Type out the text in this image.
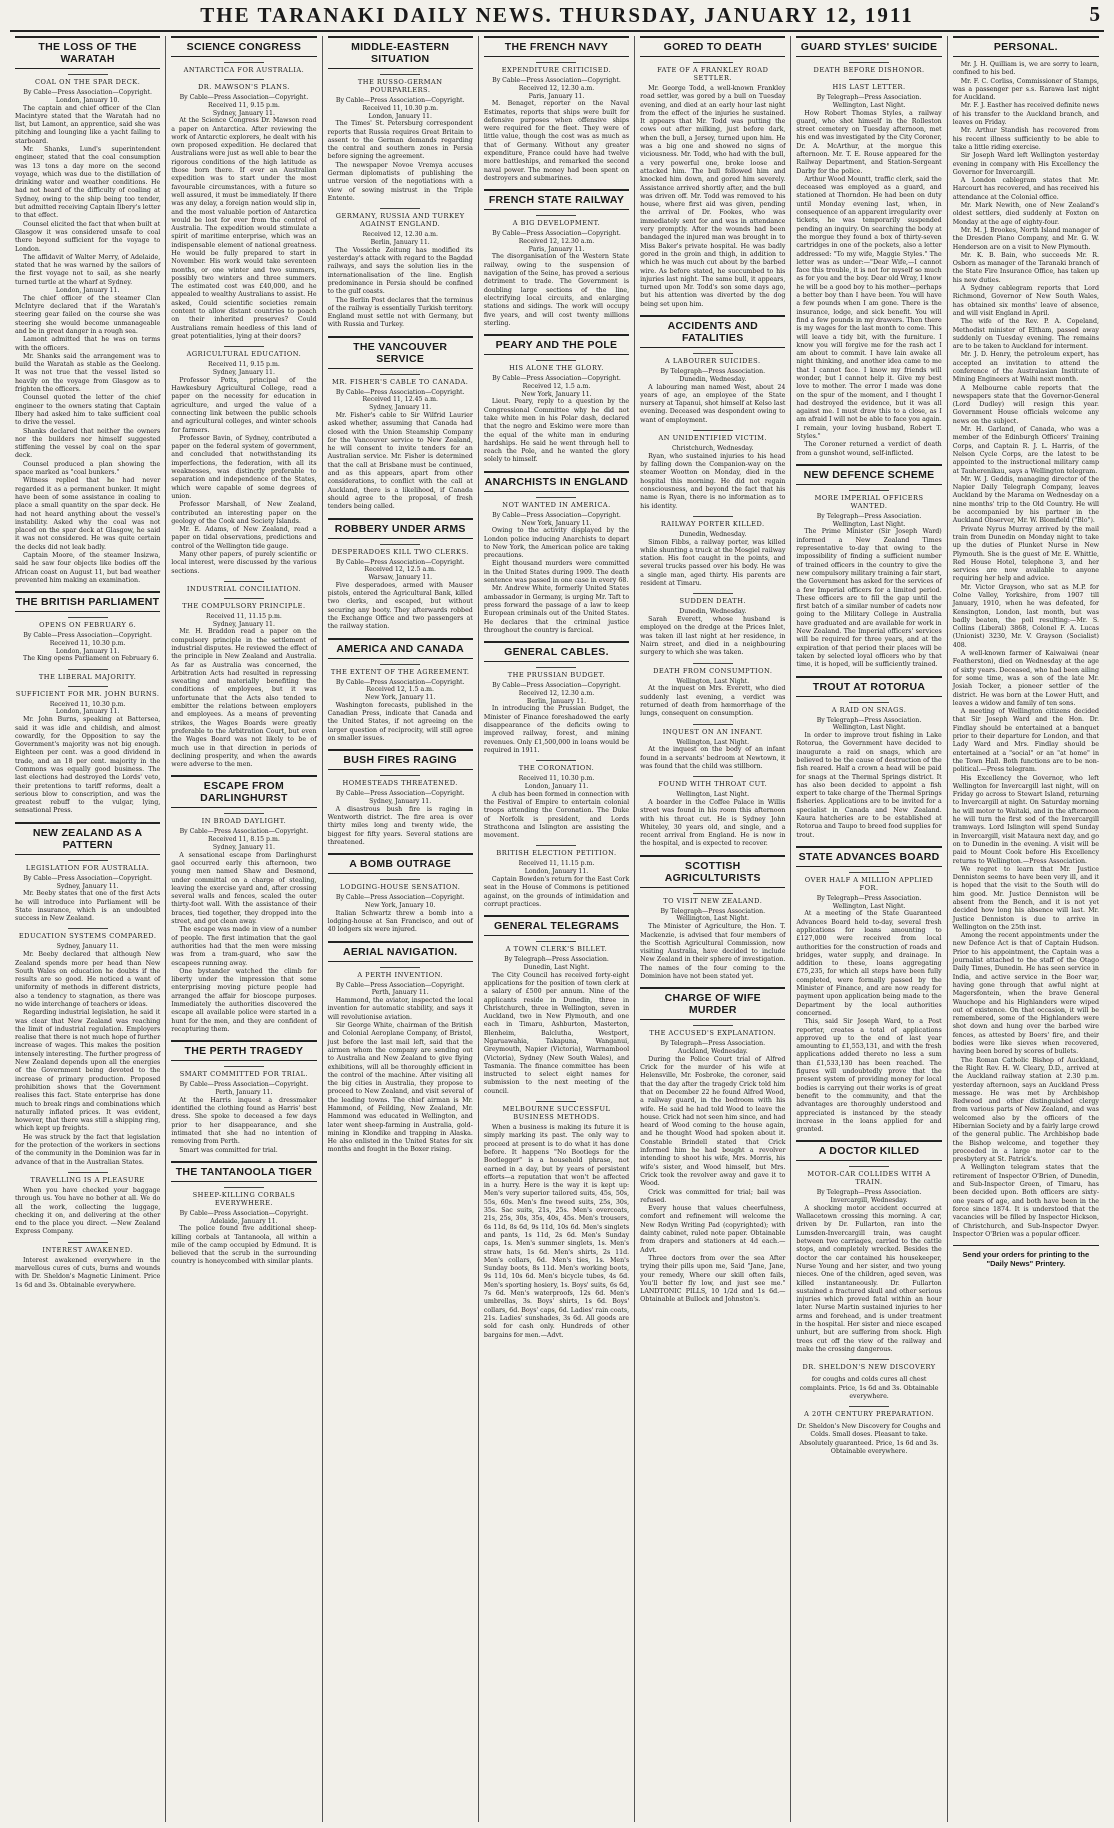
THE TARANAKI DAILY NEWS. THURSDAY, JANUARY 12, 1911	5
THE LOSS OF THE WARATAH
COAL ON THE SPAR DECK.
By Cable—Press Association—Copyright.
London, January 10.

The captain and chief officer of the Clan Macintyre stated that the Waratah had no list, but Lamont, an apprentice, said she was pitching and lounging like a yacht failing to starboard.

Mr. Shanks, Lund's superintendent engineer, stated that the coal consumption was 13 tons a day more on the second voyage, which was due to the distillation of drinking water and weather conditions. He had not heard of the difficulty of coaling at Sydney, owing to the ship being too tender, but admitted receiving Captain Ilbery's letter to that effect.

Counsel elicited the fact that when built at Glasgow it was considered unsafe to coal there beyond sufficient for the voyage to London.

The affidavit of Walter Merry, of Adelaide, stated that he was warned by the sailors of the first voyage not to sail, as she nearly turned turtle at the wharf at Sydney.

London, January 11.

The chief officer of the steamer Clan McIntyre declared that if the Waratah's steering gear failed on the course she was steering she would become unmanageable and be in great danger in a rough sea.

Lamont admitted that he was on terms with the officers.

Mr. Shanks said the arrangement was to build the Waratah as stable as the Geelong. It was not true that the vessel listed so heavily on the voyage from Glasgow as to frighten the officers.

Counsel quoted the letter of the chief engineer to the owners stating that Captain Ilbery had asked him to take sufficient coal to drive the vessel.

Shanks declared that neither the owners nor the builders nor himself suggested stiffening the vessel by coal on the spar deck.

Counsel produced a plan showing the space marked as "coal bunkers."

Witness replied that he had never regarded it as a permanent bunker. It might have been of some assistance in coaling to place a small quantity on the spar deck. He had not heard anything about the vessel's instability. Asked why the coal was not placed on the spar deck at Glasgow, he said it was not considered. He was quite certain the decks did not leak badly.

Captain Moore, of the steamer Insizwa, said he saw four objects like bodies off the African coast on August 11, but bad weather prevented him making an examination.

THE BRITISH PARLIAMENT
OPENS ON FEBRUARY 6.
By Cable—Press Association—Copyright.
Received 11, 10.30 p.m.
London, January 11.

The King opens Parliament on February 6.

THE LIBERAL MAJORITY.
SUFFICIENT FOR MR. JOHN BURNS.
Received 11, 10.30 p.m.
London, January 11.

Mr. John Burns, speaking at Battersea, said it was idle and childish, and almost cowardly, for the Opposition to say the Government's majority was not big enough. Eighteen per cent. was a good dividend in trade, and an 18 per cent. majority in the Commons was equally good business. The last elections had destroyed the Lords' veto, their pretentions to tariff reforms, dealt a serious blow to conscription, and was the greatest rebuff to the vulgar, lying, sensational Press.

NEW ZEALAND AS A PATTERN
LEGISLATION FOR AUSTRALIA.
By Cable—Press Association—Copyright.
Sydney, January 11.

Mr. Beeby states that one of the first Acts he will introduce into Parliament will be State insurance, which is an undoubted success in New Zealand.

EDUCATION SYSTEMS COMPARED.
Sydney, January 11.

Mr. Beeby declared that although New Zealand spends more per head than New South Wales on education he doubts if the results are so good. He noticed a want of uniformity of methods in different districts, also a tendency to stagnation, as there was no wide interchange of teachers or ideas.

Regarding industrial legislation, he said it was clear that New Zealand was reaching the limit of industrial regulation. Employers realise that there is not much hope of further increase of wages. This makes the position intensely interesting. The further progress of New Zealand depends upon all the energies of the Government being devoted to the increase of primary production. Proposed prohibition shows that the Government realises this fact. State enterprise has done much to break rings and combinations which naturally inflated prices. It was evident, however, that there was still a shipping ring, which kept up freights.

He was struck by the fact that legislation for the protection of the workers in sections of the community in the Dominion was far in advance of that in the Australian States.

TRAVELLING IS A PLEASURE

When you have checked your baggage through us. You have no bother at all. We do all the work, collecting the luggage, checking it on, and delivering at the other end to the place you direct. —New Zealand Express Company.

INTEREST AWAKENED.

Interest awakened everywhere in the marvellous cures of cuts, burns and wounds with Dr. Sheldon's Magnetic Liniment. Price 1s 6d and 3s. Obtainable everywhere.

SCIENCE CONGRESS
ANTARCTICA FOR AUSTRALIA.
DR. MAWSON'S PLANS.
By Cable—Press Association—Copyright.
Received 11, 9.15 p.m.
Sydney, January 11.

At the Science Congress Dr. Mawson read a paper on Antarctica. After reviewing the work of Antarctic explorers, he dealt with his own proposed expedition. He declared that Australians were just as well able to bear the rigorous conditions of the high latitude as those born there. If ever an Australian expedition was to start under the most favourable circumstances, with a future so well assured, it must be immediately. If there was any delay, a foreign nation would slip in, and the most valuable portion of Antarctica would be lost for ever from the control of Australia. The expedition would stimulate a spirit of maritime enterprise, which was an indispensable element of national greatness. He would be fully prepared to start in November. His work would take seventeen months, or one winter and two summers, possibly two winters and three summers. The estimated cost was £40,000, and he appealed to wealthy Australians to assist. He asked, Could scientific societies remain content to allow distant countries to poach on their inherited preserves? Could Australians remain heedless of this land of great potentialities, lying at their doors?

AGRICULTURAL EDUCATION.
Received 11, 9.15 p.m.
Sydney, January 11.

Professor Potts, principal of the Hawkesbury Agricultural College, read a paper on the necessity for education in agriculture, and urged the value of a connecting link between the public schools and agricultural colleges, and winter schools for farmers.

Professor Bavin, of Sydney, contributed a paper on the federal system of government, and concluded that notwithstanding its imperfections, the federation, with all its weaknesses, was distinctly preferable to separation and independence of the States, which were capable of some degrees of union.

Professor Marshall, of New Zealand, contributed an interesting paper on the geology of the Cook and Society Islands.

Mr. E. Adams, of New Zealand, read a paper on tidal observations, predictions and control of the Wellington tide gauge.

Many other papers, of purely scientific or local interest, were discussed by the various sections.

INDUSTRIAL CONCILIATION.
THE COMPULSORY PRINCIPLE.
Received 11, 11.15 p.m.
Sydney, January 11.

Mr. H. Braddon read a paper on the compulsory principle in the settlement of industrial disputes. He reviewed the effect of the principle in New Zealand and Australia. As far as Australia was concerned, the Arbitration Acts had resulted in repressing sweating and materially benefiting the conditions of employees, but it was unfortunate that the Acts also tended to embitter the relations between employers and employees. As a means of preventing strikes, the Wages Boards were greatly preferable to the Arbitration Court, but even the Wages Board was not likely to be of much use in that direction in periods of declining prosperity, and when the awards were adverse to the men.

ESCAPE FROM DARLINGHURST
IN BROAD DAYLIGHT.
By Cable—Press Association—Copyright.
Received 11, 8.15 p.m.
Sydney, January 11.

A sensational escape from Darlinghurst gaol occurred early this afternoon, two young men named Shaw and Desmond, under committal on a charge of stealing, leaving the exercise yard and, after crossing several walls and fences, scaled the outer thirty-foot wall. With the assistance of their braces, tied together, they dropped into the street, and got clean away.

The escape was made in view of a number of people. The first intimation that the gaol authorities had that the men were missing was from a tram-guard, who saw the escapees running away.

One bystander watched the climb for liberty under the impression that some enterprising moving picture people had arranged the affair for bioscope purposes. Immediately the authorities discovered the escape all available police were started in a hunt for the men, and they are confident of recapturing them.

THE PERTH TRAGEDY
SMART COMMITTED FOR TRIAL.
By Cable—Press Association—Copyright.
Perth, January 11.

At the Harris inquest a dressmaker identified the clothing found as Harris' best dress. She spoke to deceased a few days prior to her disappearance, and she intimated that she had no intention of removing from Perth.

Smart was committed for trial.

THE TANTANOOLA TIGER
SHEEP-KILLING CORBALS EVERYWHERE.
By Cable—Press Association—Copyright.
Adelaide, January 11.

The police found five additional sheep-killing corbals at Tantanoola, all within a mile of the camp occupied by Edmund. It is believed that the scrub in the surrounding country is honeycombed with similar plants.

MIDDLE-EASTERN SITUATION
THE RUSSO-GERMAN POURPARLERS.
By Cable—Press Association—Copyright.
Received 11, 10.30 p.m.
London, January 11.

The Times' St. Petersburg correspondent reports that Russia requires Great Britain to assent to the German demands regarding the central and southern zones in Persia before signing the agreement.

The newspaper Novoe Vremya accuses German diplomatists of publishing the untrue version of the negotiations with a view of sowing mistrust in the Triple Entente.

GERMANY, RUSSIA AND TURKEY AGAINST ENGLAND.
Received 12, 12.30 a.m.
Berlin, January 11.

The Vossiche Zeitung has modified its yesterday's attack with regard to the Bagdad railways, and says the solution lies in the internationalisation of the line. English predominance in Persia should be confined to the gulf coasts.

The Berlin Post declares that the terminus of the railway is essentially Turkish territory. England must settle not with Germany, but with Russia and Turkey.

THE VANCOUVER SERVICE
MR. FISHER'S CABLE TO CANADA.
By Cable—Press Association—Copyright.
Received 11, 12.45 a.m.
Sydney, January 11.

Mr. Fisher's cable to Sir Wilfrid Laurier asked whether, assuming that Canada had closed with the Union Steamship Company for the Vancouver service to New Zealand, he will consent to invite tenders for an Australian service. Mr. Fisher is determined that the call at Brisbane must be continued, and as this appears, apart from other considerations, to conflict with the call at Auckland, there is a likelihood, if Canada should agree to the proposal, of fresh tenders being called.

ROBBERY UNDER ARMS
DESPERADOES KILL TWO CLERKS.
By Cable—Press Association—Copyright.
Received 12, 12.5 a.m.
Warsaw, January 11.

Five desperadoes, armed with Mauser pistols, entered the Agricultural Bank, killed two clerks, and escaped, but without securing any booty. They afterwards robbed the Exchange Office and two passengers at the railway station.

AMERICA AND CANADA
THE EXTENT OF THE AGREEMENT.
By Cable—Press Association—Copyright.
Received 12, 1.5 a.m.
New York, January 11.

Washington forecasts, published in the Canadian Press, indicate that Canada and the United States, if not agreeing on the larger question of reciprocity, will still agree on smaller issues.

BUSH FIRES RAGING
HOMESTEADS THREATENED.
By Cable—Press Association—Copyright.
Sydney, January 11.

A disastrous bush fire is raging in Wentworth district. The fire area is over thirty miles long and twenty wide, the biggest for fifty years. Several stations are threatened.

A BOMB OUTRAGE
LODGING-HOUSE SENSATION.
By Cable—Press Association—Copyright.
New York, January 10.

Italian Schwartz threw a bomb into a lodging-house at San Francisco, and out of 40 lodgers six were injured.

AERIAL NAVIGATION.
A PERTH INVENTION.
By Cable—Press Association—Copyright.
Perth, January 11.

Hammond, the aviator, inspected the local invention for automatic stability, and says it will revolutionise aviation.

Sir George White, chairman of the British and Colonial Aeroplane Company, of Bristol, just before the last mail left, said that the airmen whom the company are sending out to Australia and New Zealand to give flying exhibitions, will all be thoroughly efficient in the control of the machine. After visiting all the big cities in Australia, they propose to proceed to New Zealand, and visit several of the leading towns. The chief airman is Mr. Hammond, of Feilding, New Zealand, Mr. Hammond was educated in Wellington, and later went sheep-farming in Australia, gold-mining in Klondike and trapping in Alaska. He also enlisted in the United States for six months and fought in the Boxer rising.

THE FRENCH NAVY
EXPENDITURE CRITICISED.
By Cable—Press Association—Copyright.
Received 12, 12.30 a.m.
Paris, January 11.

M. Benaget, reporter on the Naval Estimates, reports that ships were built for defensive purposes when offensive ships were required for the fleet. They were of little value, though the cost was as much as that of Germany. Without any greater expenditure, France could have had twelve more battleships, and remarked the second naval power. The money had been spent on destroyers and submarines.

FRENCH STATE RAILWAY
A BIG DEVELOPMENT.
By Cable—Press Association—Copyright.
Received 12, 12.30 a.m.
Paris, January 11.

The disorganisation of the Western State railway, owing to the suspension of navigation of the Seine, has proved a serious detriment to trade. The Government is doubling large sections of the line, electrifying local circuits, and enlarging stations and sidings. The work will occupy five years, and will cost twenty millions sterling.

PEARY AND THE POLE
HIS ALONE THE GLORY.
By Cable—Press Association—Copyright.
Received 12, 1.5 a.m.
New York, January 11.

Lieut. Peary, reply to a question by the Congressional Committee why he did not take white men in his Polar dash, declared that the negro and Eskimo were more than the equal of the white man in enduring hardships. He said he went through hell to reach the Pole, and he wanted the glory solely to himself.

ANARCHISTS IN ENGLAND
NOT WANTED IN AMERICA.
By Cable—Press Association—Copyright.
New York, January 11.

Owing to the activity displayed by the London police inducing Anarchists to depart to New York, the American police are taking precautions.

Eight thousand murders were committed in the United States during 1909. The death sentence was passed in one case in every 68.

Mr. Andrew White, formerly United States ambassador in Germany, is urging Mr. Taft to press forward the passage of a law to keep European criminals out of the United States. He declares that the criminal justice throughout the country is farcical.

GENERAL CABLES.
THE PRUSSIAN BUDGET.
By Cable—Press Association—Copyright.
Received 12, 12.30 a.m.
Berlin, January 11.

In introducing the Prussian Budget, the Minister of Finance foreshadowed the early disappearance of the deficits owing to improved railway, forest, and mining revenues. Only £1,500,000 in loans would be required in 1911.

THE CORONATION.
Received 11, 10.30 p.m.
London, January 11.

A club has been formed in connection with the Festival of Empire to entertain colonial troops attending the Coronation. The Duke of Norfolk is president, and Lords Strathcona and Islington are assisting the movement.

BRITISH ELECTION PETITION.
Received 11, 11.15 p.m.
London, January 11.

Captain Bowden's return for the East Cork seat in the House of Commons is petitioned against, on the grounds of intimidation and corrupt practices.

GENERAL TELEGRAMS
A TOWN CLERK'S BILLET.
By Telegraph—Press Association.
Dunedin, Last Night.

The City Council has received forty-eight applications for the position of town clerk at a salary of £500 per annum. Nine of the applicants reside in Dunedin, three in Christchurch, three in Wellington, seven in Auckland, two in New Plymouth, and one each in Timaru, Ashburton, Masterton, Blenheim, Balclutha, Westport, Ngaruawahia, Takapuna, Wanganui, Greymouth, Napier (Victoria), Warrnambool (Victoria), Sydney (New South Wales), and Tasmania. The finance committee has been instructed to select eight names for submission to the next meeting of the council.

MELBOURNE SUCCESSFUL BUSINESS METHODS.

When a business is making its future it is simply marking its past. The only way to proceed at present is to do what it has done before. It happens "No Bootlegs for the Bootlegger" is a household phrase, not earned in a day, but by years of persistent efforts—a reputation that won't be affected in a hurry. Here is the way it is kept up: Men's very superior tailored suits, 45s, 50s, 55s, 60s. Men's fine tweed suits, 25s, 30s, 35s. Sac suits, 21s, 25s. Men's overcoats, 21s, 25s, 30s, 35s, 40s, 45s. Men's trousers, 6s 11d, 8s 6d, 9s 11d, 10s 6d. Men's singlets and pants, 1s 11d, 2s 6d. Men's Sunday caps, 1s. Men's summer singlets, 1s. Men's straw hats, 1s 6d. Men's shirts, 2s 11d. Men's collars, 6d. Men's ties, 1s. Men's Sunday boots, 8s 11d. Men's working boots, 9s 11d, 10s 6d. Men's bicycle tubes, 4s 6d. Men's sporting hosiery, 1s. Boys' suits, 6s 6d, 7s 6d. Men's waterproofs, 12s 6d. Men's umbrellas, 3s. Boys' shirts, 1s 6d. Boys' collars, 6d. Boys' caps, 6d. Ladies' rain coats, 21s. Ladies' sunshades, 3s 6d. All goods are sold for cash only. Hundreds of other bargains for men.—Advt.

GORED TO DEATH
FATE OF A FRANKLEY ROAD SETTLER.

Mr. George Todd, a well-known Frankley road settler, was gored by a bull on Tuesday evening, and died at an early hour last night from the effect of the injuries he sustained. It appears that Mr. Todd was putting the cows out after milking, just before dark, when the bull, a Jersey, turned upon him. He was a big one and showed no signs of viciousness. Mr. Todd, who had with the bull, a very powerful one, broke loose and attacked him. The bull followed him and knocked him down, and gored him severely. Assistance arrived shortly after, and the bull was driven off. Mr. Todd was removed to his house, where first aid was given, pending the arrival of Dr. Fookes, who was immediately sent for and was in attendance very promptly. After the wounds had been bandaged the injured man was brought in to Miss Baker's private hospital. He was badly gored in the groin and thigh, in addition to which he was much cut about by the barbed wire. As before stated, he succumbed to his injuries last night. The same bull, it appears, turned upon Mr. Todd's son some days ago, but his attention was diverted by the dog being set upon him.

ACCIDENTS AND FATALITIES
A LABOURER SUICIDES.
By Telegraph—Press Association.
Dunedin, Wednesday.

A labouring man named West, about 24 years of age, an employee of the State nursery at Tapanui, shot himself at Kelso last evening. Deceased was despondent owing to want of employment.

AN UNIDENTIFIED VICTIM.
Christchurch, Wednesday.

Ryan, who sustained injuries to his head by falling down the Companion-way on the steamer Wootton on Monday, died in the hospital this morning. He did not regain consciousness, and beyond the fact that his name is Ryan, there is no information as to his identity.

RAILWAY PORTER KILLED.
Dunedin, Wednesday.

Simon Fibbs, a railway porter, was killed while shunting a truck at the Mosgiel railway station. His foot caught in the points, and several trucks passed over his body. He was a single man, aged thirty. His parents are resident at Timaru.

SUDDEN DEATH.
Dunedin, Wednesday.

Sarah Everett, whose husband is employed on the dredge at the Prices Inlet, was taken ill last night at her residence, in Nairn street, and died in a neighbouring surgery to which she was taken.

DEATH FROM CONSUMPTION.
Wellington, Last Night.

At the inquest on Mrs. Everett, who died suddenly last evening, a verdict was returned of death from hæmorrhage of the lungs, consequent on consumption.

INQUEST ON AN INFANT.
Wellington, Last Night.

At the inquest on the body of an infant found in a servants' bedroom at Newtown, it was found that the child was stillborn.

FOUND WITH THROAT CUT.
Wellington, Last Night.

A boarder in the Coffee Palace in Willis street was found in his room this afternoon with his throat cut. He is Sydney John Whiteley, 30 years old, and single, and a recent arrival from England. He is now in the hospital, and is expected to recover.

SCOTTISH AGRICULTURISTS
TO VISIT NEW ZEALAND.
By Telegraph—Press Association.
Wellington, Last Night.

The Minister of Agriculture, the Hon. T. Mackenzie, is advised that four members of the Scottish Agricultural Commission, now visiting Australia, have decided to include New Zealand in their sphere of investigation. The names of the four coming to the Dominion have not been stated yet.

CHARGE OF WIFE MURDER
THE ACCUSED'S EXPLANATION.
By Telegraph—Press Association.
Auckland, Wednesday.

During the Police Court trial of Alfred Crick for the murder of his wife at Helensville, Mr. Fosbroke, the coroner, said that the day after the tragedy Crick told him that on December 22 he found Alfred Wood, a railway guard, in the bedroom with his wife. He said he had told Wood to leave the house. Crick had not seen him since, and had heard of Wood coming to the house again, and he thought Wood had spoken about it. Constable Brindell stated that Crick informed him he had bought a revolver intending to shoot his wife, Mrs. Morris, his wife's sister, and Wood himself, but Mrs. Crick took the revolver away and gave it to Wood.

Crick was committed for trial; bail was refused.

Every house that values cheerfulness, comfort and refinement will welcome the New Rodyn Writing Pad (copyrighted); with dainty cabinet, ruled note paper. Obtainable from drapers and stationers at 4d each.—Advt.

Three doctors from over the sea After trying their pills upon me, Said "Jane, Jane, your remedy, Where our skill often fails, You'll better fly low, and just see me." LANDTONIC PILLS, 10 1/2d and 1s 6d.—Obtainable at Bullock and Johnston's.

GUARD STYLES' SUICIDE
DEATH BEFORE DISHONOR.
HIS LAST LETTER.
By Telegraph—Press Association.
Wellington, Last Night.

How Robert Thomas Styles, a railway guard, who shot himself in the Rolleston street cemetery on Tuesday afternoon, met his end was investigated by the City Coroner, Dr. A. McArthur, at the morgue this afternoon. Mr. T. E. Rouse appeared for the Railway Department, and Station-Sergeant Darby for the police.

Arthur Wood Mountt, traffic clerk, said the deceased was employed as a guard, and stationed at Thorndon. He had been on duty until Monday evening last, when, in consequence of an apparent irregularity over tickets, he was temporarily suspended pending an inquiry. On searching the body at the morgue they found a box of thirty-seven cartridges in one of the pockets, also a letter addressed: "To my wife, Maggie Styles." The letter was as under:—"Dear Wife,—I cannot face this trouble, it is not for myself so much as for you and the boy. Dear old Wray, I know he will be a good boy to his mother—perhaps a better boy than I have been. You will have a few pounds when I am gone. There is the insurance, lodge, and sick benefit. You will find a few pounds in my drawers. Then there is my wages for the last month to come. This will leave a tidy bit, with the furniture. I know you will forgive me for the rash act I am about to commit. I have lain awake all night thinking, and another idea came to me that I cannot face. I know my friends will wonder, but I cannot help it. Give my best love to mother. The error I made was done on the spur of the moment, and I thought I had destroyed the evidence, but it was all against me. I must draw this to a close, as I am afraid I will not be able to face you again. I remain, your loving husband, Robert T. Styles."

The Coroner returned a verdict of death from a gunshot wound, self-inflicted.

NEW DEFENCE SCHEME
MORE IMPERIAL OFFICERS WANTED.
By Telegraph—Press Association.
Wellington, Last Night.

The Prime Minister (Sir Joseph Ward) informed a New Zealand Times representative to-day that owing to the impossibility of finding a sufficient number of trained officers in the country to give the new compulsory military training a fair start, the Government has asked for the services of a few Imperial officers for a limited period. These officers are to fill the gap until the first batch of a similar number of cadets now going to the Military College in Australia have graduated and are available for work in New Zealand. The Imperial officers' services will be required for three years, and at the expiration of that period their places will be taken by selected loyal officers who by that time, it is hoped, will be sufficiently trained.

TROUT AT ROTORUA
A RAID ON SNAGS.
By Telegraph—Press Association.
Wellington, Last Night.

In order to improve trout fishing in Lake Rotorua, the Government have decided to inaugurate a raid on snags, which are believed to be the cause of destruction of the fish reared. Half a crown a head will be paid for snags at the Thermal Springs district. It has also been decided to appoint a fish expert to take charge of the Thermal Springs fisheries. Applications are to be invited for a specialist in Canada and New Zealand. Kaura hatcheries are to be established at Rotorua and Taupo to breed food supplies for trout.

STATE ADVANCES BOARD
OVER HALF A MILLION APPLIED FOR.
By Telegraph—Press Association.
Wellington, Last Night.

At a meeting of the State Guaranteed Advances Board held to-day, several fresh applications for loans amounting to £127,000 were received from local authorities for the construction of roads and bridges, water supply, and drainage. In addition to these, loans aggregating £75,235, for which all steps have been fully completed, were formally passed by the Minister of Finance, and are now ready for payment upon application being made to the Department by the local authorities concerned.

This, said Sir Joseph Ward, to a Post reporter, creates a total of applications approved up to the end of last year amounting to £1,553,131, and with the fresh applications added thereto no less a sum than £1,533,130 has been reached. The figures will undoubtedly prove that the present system of providing money for local bodies is carrying out their works is of great benefit to the community, and that the advantages are thoroughly understood and appreciated is instanced by the steady increase in the loans applied for and granted.

A DOCTOR KILLED
MOTOR-CAR COLLIDES WITH A TRAIN.
By Telegraph—Press Association.
Invercargill, Wednesday.

A shocking motor accident occurred at Wallacetown crossing this morning. A car, driven by Dr. Fullarton, ran into the Lumsden-Invercargill train, was caught between two carriages, carried to the cattle stops, and completely wrecked. Besides the doctor the car contained his housekeeper, Nurse Young and her sister, and two young nieces. One of the children, aged seven, was killed instantaneously. Dr. Fullarton sustained a fractured skull and other serious injuries which proved fatal within an hour later. Nurse Martin sustained injuries to her arms and forehead, and is under treatment in the hospital. Her sister and niece escaped unhurt, but are suffering from shock. High trees cut off the view of the railway and make the crossing dangerous.

DR. SHELDON'S NEW DISCOVERY

for coughs and colds cures all chest complaints. Price, 1s 6d and 3s. Obtainable everywhere.

A 20TH CENTURY PREPARATION.

Dr. Sheldon's New Discovery for Coughs and Colds. Small doses. Pleasant to take. Absolutely guaranteed. Price, 1s 6d and 3s. Obtainable everywhere.

PERSONAL.

Mr. J. H. Quilliam is, we are sorry to learn, confined to his bed.

Mr. F. C. Corliss, Commissioner of Stamps, was a passenger per s.s. Rarawa last night for Auckland.

Mr. F. J. Easther has received definite news of his transfer to the Auckland branch, and leaves on Friday.

Mr. Arthur Standish has recovered from his recent illness sufficiently to be able to take a little riding exercise.

Sir Joseph Ward left Wellington yesterday evening in company with His Excellency the Governor for Invercargill.

A London cablegram states that Mr. Harcourt has recovered, and has received his attendance at the Colonial office.

Mr. Mark Newith, one of New Zealand's oldest settlers, died suddenly at Foxton on Monday at the age of eighty-four.

Mr. M. J. Brookes, North Island manager of the Dresden Piano Company, and Mr. G. W. Henderson are on a visit to New Plymouth.

Mr. K. B. Bain, who succeeds Mr. R. Osborn as manager of the Taranaki branch of the State Fire Insurance Office, has taken up his new duties.

A Sydney cablegram reports that Lord Richmond, Governor of New South Wales, has obtained six months' leave of absence, and will visit England in April.

The wife of the Rev. P. A. Copeland, Methodist minister of Eltham, passed away suddenly on Tuesday evening. The remains are to be taken to Auckland for interment.

Mr. J. D. Henry, the petroleum expert, has accepted an invitation to attend the conference of the Australasian Institute of Mining Engineers at Waihi next month.

A Melbourne cable reports that the newspapers state that the Governor-General (Lord Dudley) will resign this year. Government House officials welcome any news on the subject.

Mr. H. Garland, of Canada, who was a member of the Edinburgh Officers' Training Corps, and Captain R. J. L. Harris, of the Nelson Cycle Corps, are the latest to be appointed to the instructional military camp at Tauherenikau, says a Wellington telegram.

Mr. W. J. Geddis, managing director of the Napier Daily Telegraph Company, leaves Auckland by the Marama on Wednesday on a nine months' trip to the Old Country. He will be accompanied by his partner in the Auckland Observer, Mr. W. Blomfield ("Blo").

Private Nyrus Murray arrived by the mail train from Dunedin on Monday night to take up the duties of Plunket Nurse in New Plymouth. She is the guest of Mr. E. Whittle, Red House Hotel, telephone 3, and her services are now available to anyone requiring her help and advice.

Mr. Victor Grayson, who sat as M.P. for Colne Valley, Yorkshire, from 1907 till January, 1910, when he was defeated, for Kensington, London, last month, but was badly beaten, the poll resulting:—Mr. S. Collins (Liberal) 3868, Colonel F. A. Lucas (Unionist) 3230, Mr. V. Grayson (Socialist) 408.

A well-known farmer of Kaiwaiwai (near Featherston), died on Wednesday at the age of sixty years. Deceased, who had been ailing for some time, was a son of the late Mr. Josiah Tocker, a pioneer settler of the district. He was born at the Lower Hutt, and leaves a widow and family of ten sons.

A meeting of Wellington citizens decided that Sir Joseph Ward and the Hon. Dr. Findlay should be entertained at a banquet prior to their departure for London, and that Lady Ward and Mrs. Findlay should be entertained at a "social" or an "at home" in the Town Hall. Both functions are to be non-political.—Press telegram.

His Excellency the Governor, who left Wellington for Invercargill last night, will on Friday go across to Stewart Island, returning to Invercargill at night. On Saturday morning he will motor to Waitaki, and in the afternoon he will turn the first sod of the Invercargill tramways. Lord Islington will spend Sunday in Invercargill, visit Mataura next day, and go on to Dunedin in the evening. A visit will be paid to Mount Cook before His Excellency returns to Wellington.—Press Association.

We regret to learn that Mr. Justice Denniston seems to have been very ill, and it is hoped that the visit to the South will do him good. Mr. Justice Denniston will be absent from the Bench, and it is not yet decided how long his absence will last. Mr. Justice Denniston is due to arrive in Wellington on the 25th inst.

Among the recent appointments under the new Defence Act is that of Captain Hudson. Prior to his appointment, the Captain was a journalist attached to the staff of the Otago Daily Times, Dunedin. He has seen service in India, and active service in the Boer war, having gone through that awful night at Magersfontein, when the brave General Wauchope and his Highlanders were wiped out of existence. On that occasion, it will be remembered, some of the Highlanders were shot down and hung over the barbed wire fences, as attested by Boers' fire, and their bodies were like sieves when recovered, having been bored by scores of bullets.

The Roman Catholic Bishop of Auckland, the Right Rev. H. W. Cleary, D.D., arrived at the Auckland railway station at 2.30 p.m. yesterday afternoon, says an Auckland Press message. He was met by Archbishop Redwood and other distinguished clergy from various parts of New Zealand, and was welcomed also by the officers of the Hibernian Society and by a fairly large crowd of the general public. The Archbishop bade the Bishop welcome, and together they proceeded in a large motor car to the presbytery at St. Patrick's.

A Wellington telegram states that the retirement of Inspector O'Brien, of Dunedin, and Sub-Inspector Green, of Timaru, has been decided upon. Both officers are sixty-one years of age, and both have been in the force since 1874. It is understood that the vacancies will be filled by Inspector Hickson, of Christchurch, and Sub-Inspector Dwyer. Inspector O'Brien was a popular officer.

Send your orders for printing to the "Daily News" Printery.
